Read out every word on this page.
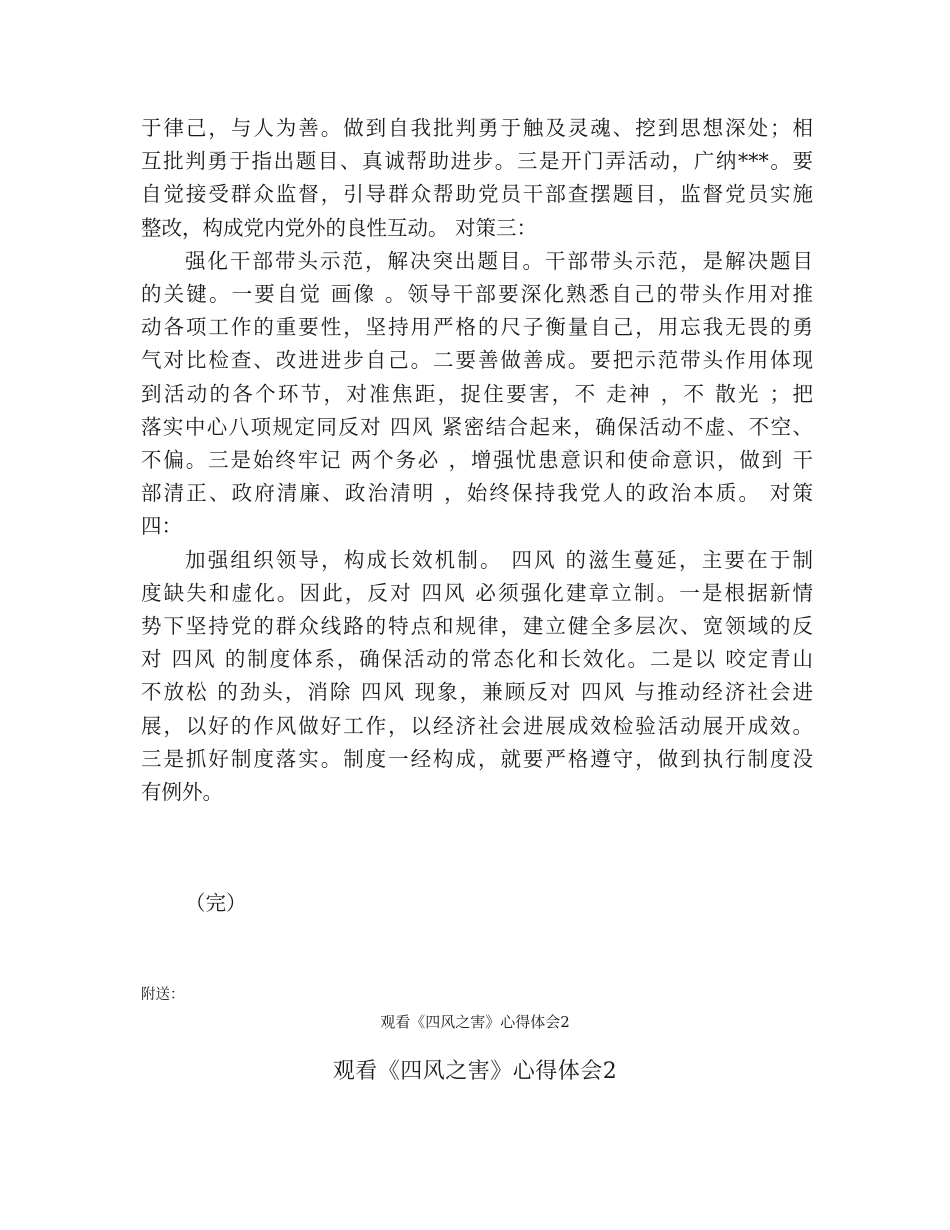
于律己，与人为善。做到自我批判勇于触及灵魂、挖到思想深处；相
互批判勇于指出题目、真诚帮助进步。三是开门弄活动，广纳***。要
自觉接受群众监督，引导群众帮助党员干部查摆题目，监督党员实施
整改，构成党内党外的良性互动。 对策三：
强化干部带头示范，解决突出题目。干部带头示范，是解决题目
的关键。一要自觉 画像 。领导干部要深化熟悉自己的带头作用对推
动各项工作的重要性，坚持用严格的尺子衡量自己，用忘我无畏的勇
气对比检查、改进进步自己。二要善做善成。要把示范带头作用体现
到活动的各个环节，对准焦距，捉住要害，不 走神 ，不 散光 ；把
落实中心八项规定同反对 四风 紧密结合起来，确保活动不虚、不空、
不偏。三是始终牢记 两个务必 ，增强忧患意识和使命意识，做到 干
部清正、政府清廉、政治清明 ，始终保持我党人的政治本质。 对策
四：
加强组织领导，构成长效机制。 四风 的滋生蔓延，主要在于制
度缺失和虚化。因此，反对 四风 必须强化建章立制。一是根据新情
势下坚持党的群众线路的特点和规律，建立健全多层次、宽领域的反
对 四风 的制度体系，确保活动的常态化和长效化。二是以 咬定青山
不放松 的劲头，消除 四风 现象，兼顾反对 四风 与推动经济社会进
展，以好的作风做好工作，以经济社会进展成效检验活动展开成效。
三是抓好制度落实。制度一经构成，就要严格遵守，做到执行制度没
有例外。
（完）
附送：
观看《四风之害》心得体会2
观看《四风之害》心得体会2
